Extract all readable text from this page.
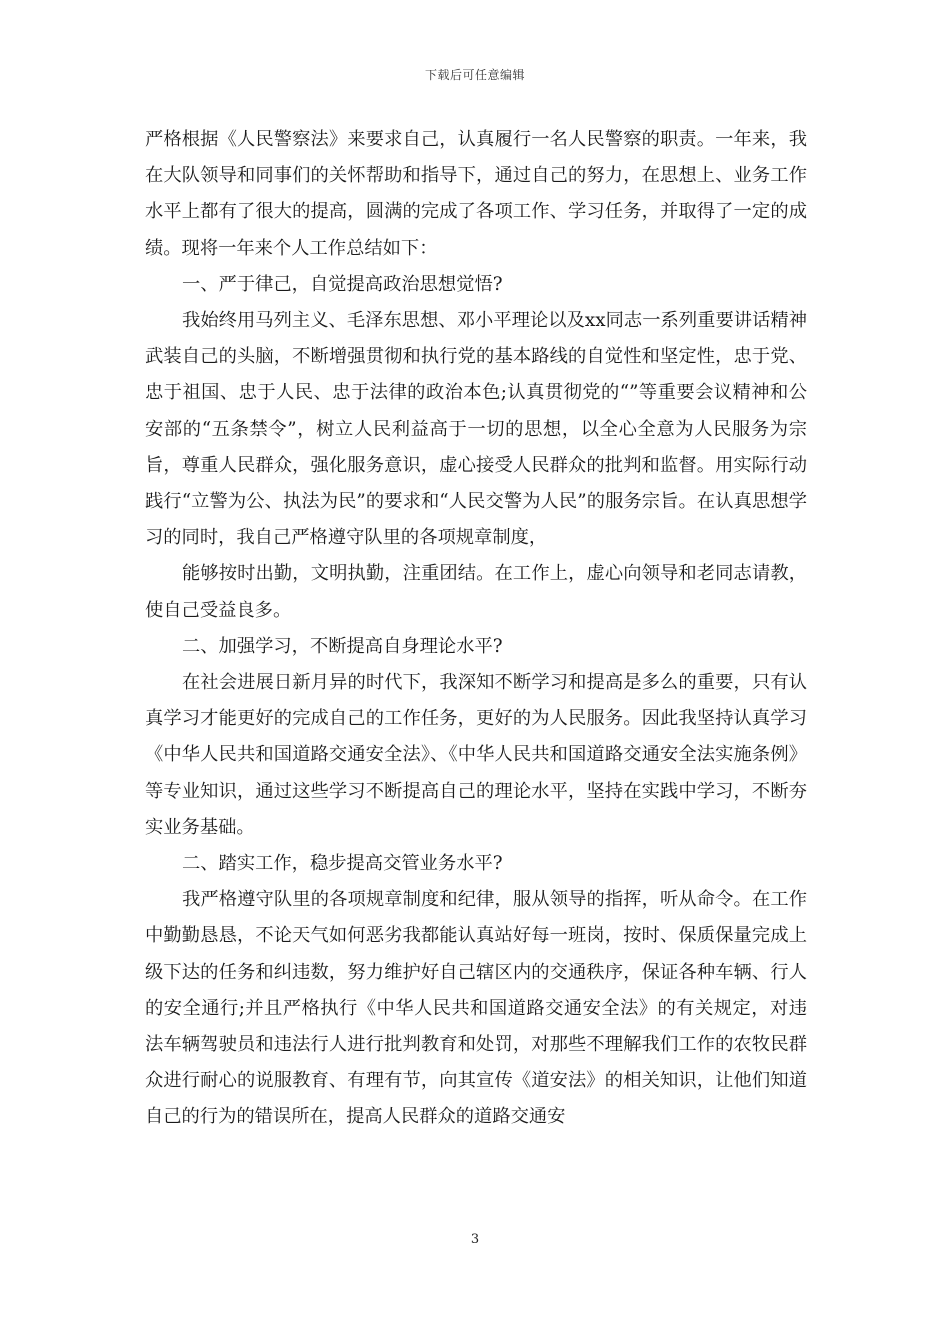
下载后可任意编辑

严格根据《人民警察法》来要求自己，认真履行一名人民警察的职责。一年来，我在大队领导和同事们的关怀帮助和指导下，通过自己的努力，在思想上、业务工作水平上都有了很大的提高，圆满的完成了各项工作、学习任务，并取得了一定的成绩。现将一年来个人工作总结如下：

一、严于律己，自觉提高政治思想觉悟?

我始终用马列主义、毛泽东思想、邓小平理论以及xx同志一系列重要讲话精神武装自己的头脑，不断增强贯彻和执行党的基本路线的自觉性和坚定性，忠于党、忠于祖国、忠于人民、忠于法律的政治本色;认真贯彻党的“”等重要会议精神和公安部的“五条禁令”，树立人民利益高于一切的思想，以全心全意为人民服务为宗旨，尊重人民群众，强化服务意识，虚心接受人民群众的批判和监督。用实际行动践行“立警为公、执法为民”的要求和“人民交警为人民”的服务宗旨。在认真思想学习的同时，我自己严格遵守队里的各项规章制度，

能够按时出勤，文明执勤，注重团结。在工作上，虚心向领导和老同志请教，使自己受益良多。

二、加强学习，不断提高自身理论水平?

在社会进展日新月异的时代下，我深知不断学习和提高是多么的重要，只有认真学习才能更好的完成自己的工作任务，更好的为人民服务。因此我坚持认真学习《中华人民共和国道路交通安全法》、《中华人民共和国道路交通安全法实施条例》等专业知识，通过这些学习不断提高自己的理论水平，坚持在实践中学习，不断夯实业务基础。

二、踏实工作，稳步提高交管业务水平?

我严格遵守队里的各项规章制度和纪律，服从领导的指挥，听从命令。在工作中勤勤恳恳，不论天气如何恶劣我都能认真站好每一班岗，按时、保质保量完成上级下达的任务和纠违数，努力维护好自己辖区内的交通秩序，保证各种车辆、行人的安全通行;并且严格执行《中华人民共和国道路交通安全法》的有关规定，对违法车辆驾驶员和违法行人进行批判教育和处罚，对那些不理解我们工作的农牧民群众进行耐心的说服教育、有理有节，向其宣传《道安法》的相关知识，让他们知道自己的行为的错误所在，提高人民群众的道路交通安

3
